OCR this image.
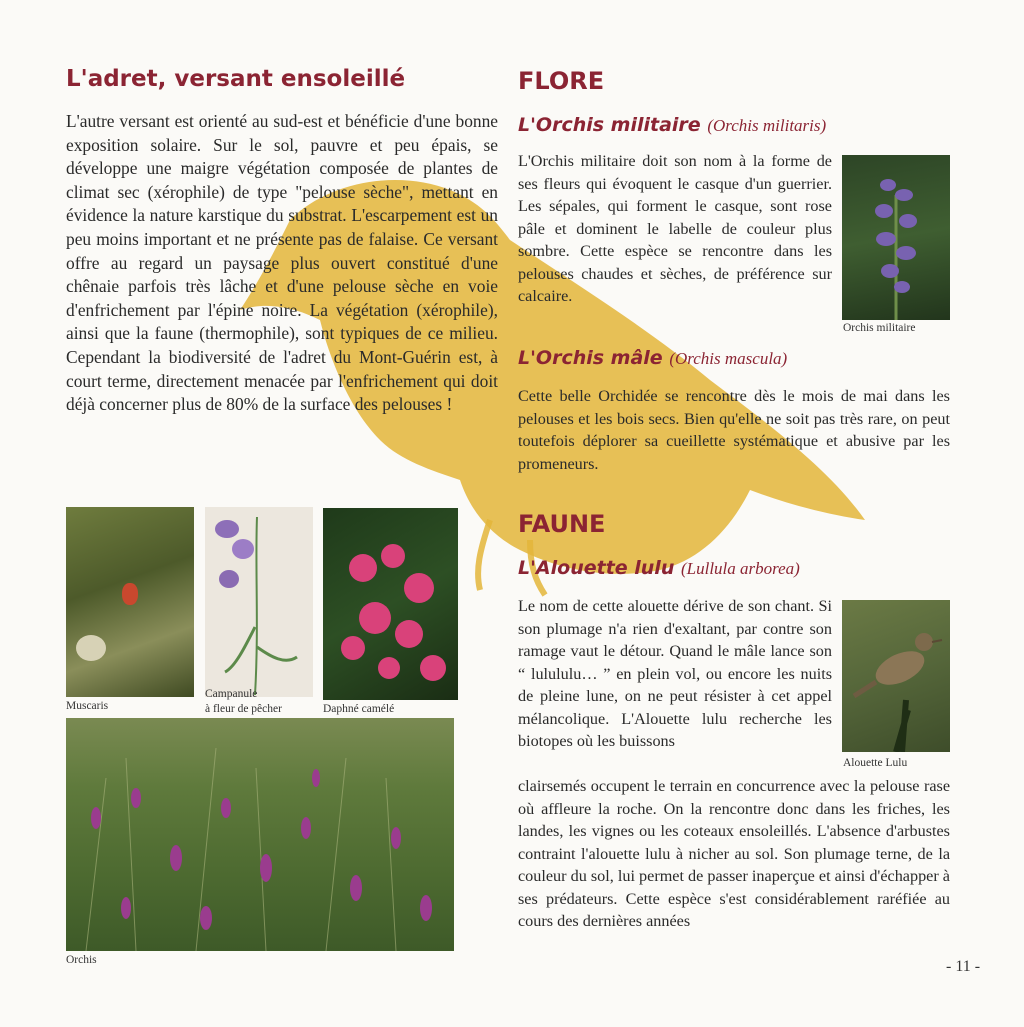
L'adret, versant ensoleillé

L'autre versant est orienté au sud-est et bénéficie d'une bonne exposition solaire. Sur le sol, pauvre et peu épais, se développe une maigre végétation composée de plantes de climat sec (xérophile) de type "pelouse sèche", mettant en évidence la nature karstique du substrat. L'escarpement est un peu moins important et ne présente pas de falaise. Ce versant offre au regard un paysage plus ouvert constitué d'une chênaie parfois très lâche et d'une pelouse sèche en voie d'enfrichement par l'épine noire. La végétation (xérophile), ainsi que la faune (thermophile), sont typiques de ce milieu. Cependant la biodiversité de l'adret du Mont-Guérin est, à court terme, directement menacée par l'enfrichement qui doit déjà concerner plus de 80% de la surface des pelouses !

Muscaris
Campanule
à fleur de pêcher	Daphné camélé
Orchis
FLORE
L'Orchis militaire (Orchis militaris)

L'Orchis militaire doit son nom à la forme de ses fleurs qui évoquent le casque d'un guerrier. Les sépales, qui forment le casque, sont rose pâle et dominent le labelle de couleur plus sombre. Cette espèce se rencontre dans les pelouses chaudes et sèches, de préférence sur calcaire.

Orchis militaire
L'Orchis mâle (Orchis mascula)

Cette belle Orchidée se rencontre dès le mois de mai dans les pelouses et les bois secs. Bien qu'elle ne soit pas très rare, on peut toutefois déplorer sa cueillette systématique et abusive par les promeneurs.

FAUNE
L'Alouette lulu (Lullula arborea)

Le nom de cette alouette dérive de son chant. Si son plumage n'a rien d'exaltant, par contre son ramage vaut le détour. Quand le mâle lance son “ lulululu… ” en plein vol, ou encore les nuits de pleine lune, on ne peut résister à cet appel mélancolique. L'Alouette lulu recherche les biotopes où les buissons

Alouette Lulu

clairsemés occupent le terrain en concurrence avec la pelouse rase où affleure la roche. On la rencontre donc dans les friches, les landes, les vignes ou les coteaux ensoleillés. L'absence d'arbustes contraint l'alouette lulu à nicher au sol. Son plumage terne, de la couleur du sol, lui permet de passer inaperçue et ainsi d'échapper à ses prédateurs. Cette espèce s'est considérablement raréfiée au cours des dernières années

- 11 -
